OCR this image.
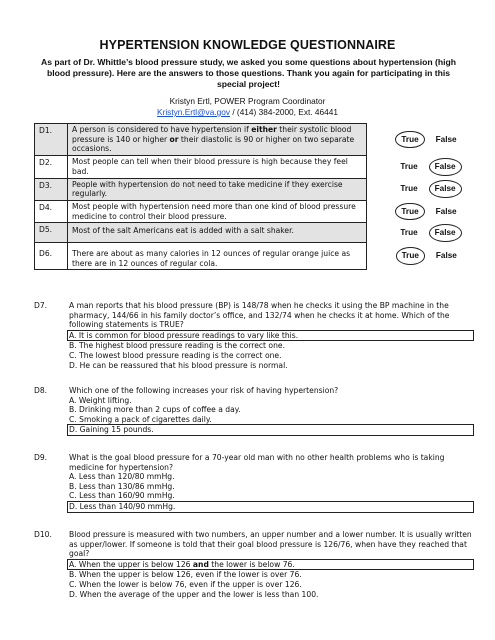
HYPERTENSION KNOWLEDGE QUESTIONNAIRE
As part of Dr. Whittle’s blood pressure study, we asked you some questions about hypertension (high blood pressure). Here are the answers to those questions. Thank you again for participating in this special project!
Kristyn Ertl, POWER Program Coordinator
Kristyn.Ertl@va.gov / (414) 384-2000, Ext. 46441
D1.	A person is considered to have hypertension if either their systolic blood pressure is 140 or higher or their diastolic is 90 or higher on two separate occasions.	True False

D2.	Most people can tell when their blood pressure is high because they feel bad.	True False

D3.	People with hypertension do not need to take medicine if they exercise regularly.	True False

D4.	Most people with hypertension need more than one kind of blood pressure medicine to control their blood pressure.	True False

D5.	Most of the salt Americans eat is added with a salt shaker.	True False

D6.	There are about as many calories in 12 ounces of regular orange juice as there are in 12 ounces of regular cola.	True False
D7.	A man reports that his blood pressure (BP) is 148/78 when he checks it using the BP machine in the pharmacy, 144/66 in his family doctor’s office, and 132/74 when he checks it at home. Which of the following statements is TRUE?
A. It is common for blood pressure readings to vary like this.
B. The highest blood pressure reading is the correct one.
C. The lowest blood pressure reading is the correct one.
D. He can be reassured that his blood pressure is normal.
D8.	Which one of the following increases your risk of having hypertension?
A. Weight lifting.
B. Drinking more than 2 cups of coffee a day.
C. Smoking a pack of cigarettes daily.
D. Gaining 15 pounds.
D9.	What is the goal blood pressure for a 70-year old man with no other health problems who is taking medicine for hypertension?
A. Less than 120/80 mmHg.
B. Less than 130/86 mmHg.
C. Less than 160/90 mmHg.
D. Less than 140/90 mmHg.
D10.	Blood pressure is measured with two numbers, an upper number and a lower number. It is usually written as upper/lower. If someone is told that their goal blood pressure is 126/76, when have they reached that goal?
A. When the upper is below 126 and the lower is below 76.
B. When the upper is below 126, even if the lower is over 76.
C. When the lower is below 76, even if the upper is over 126.
D. When the average of the upper and the lower is less than 100.
